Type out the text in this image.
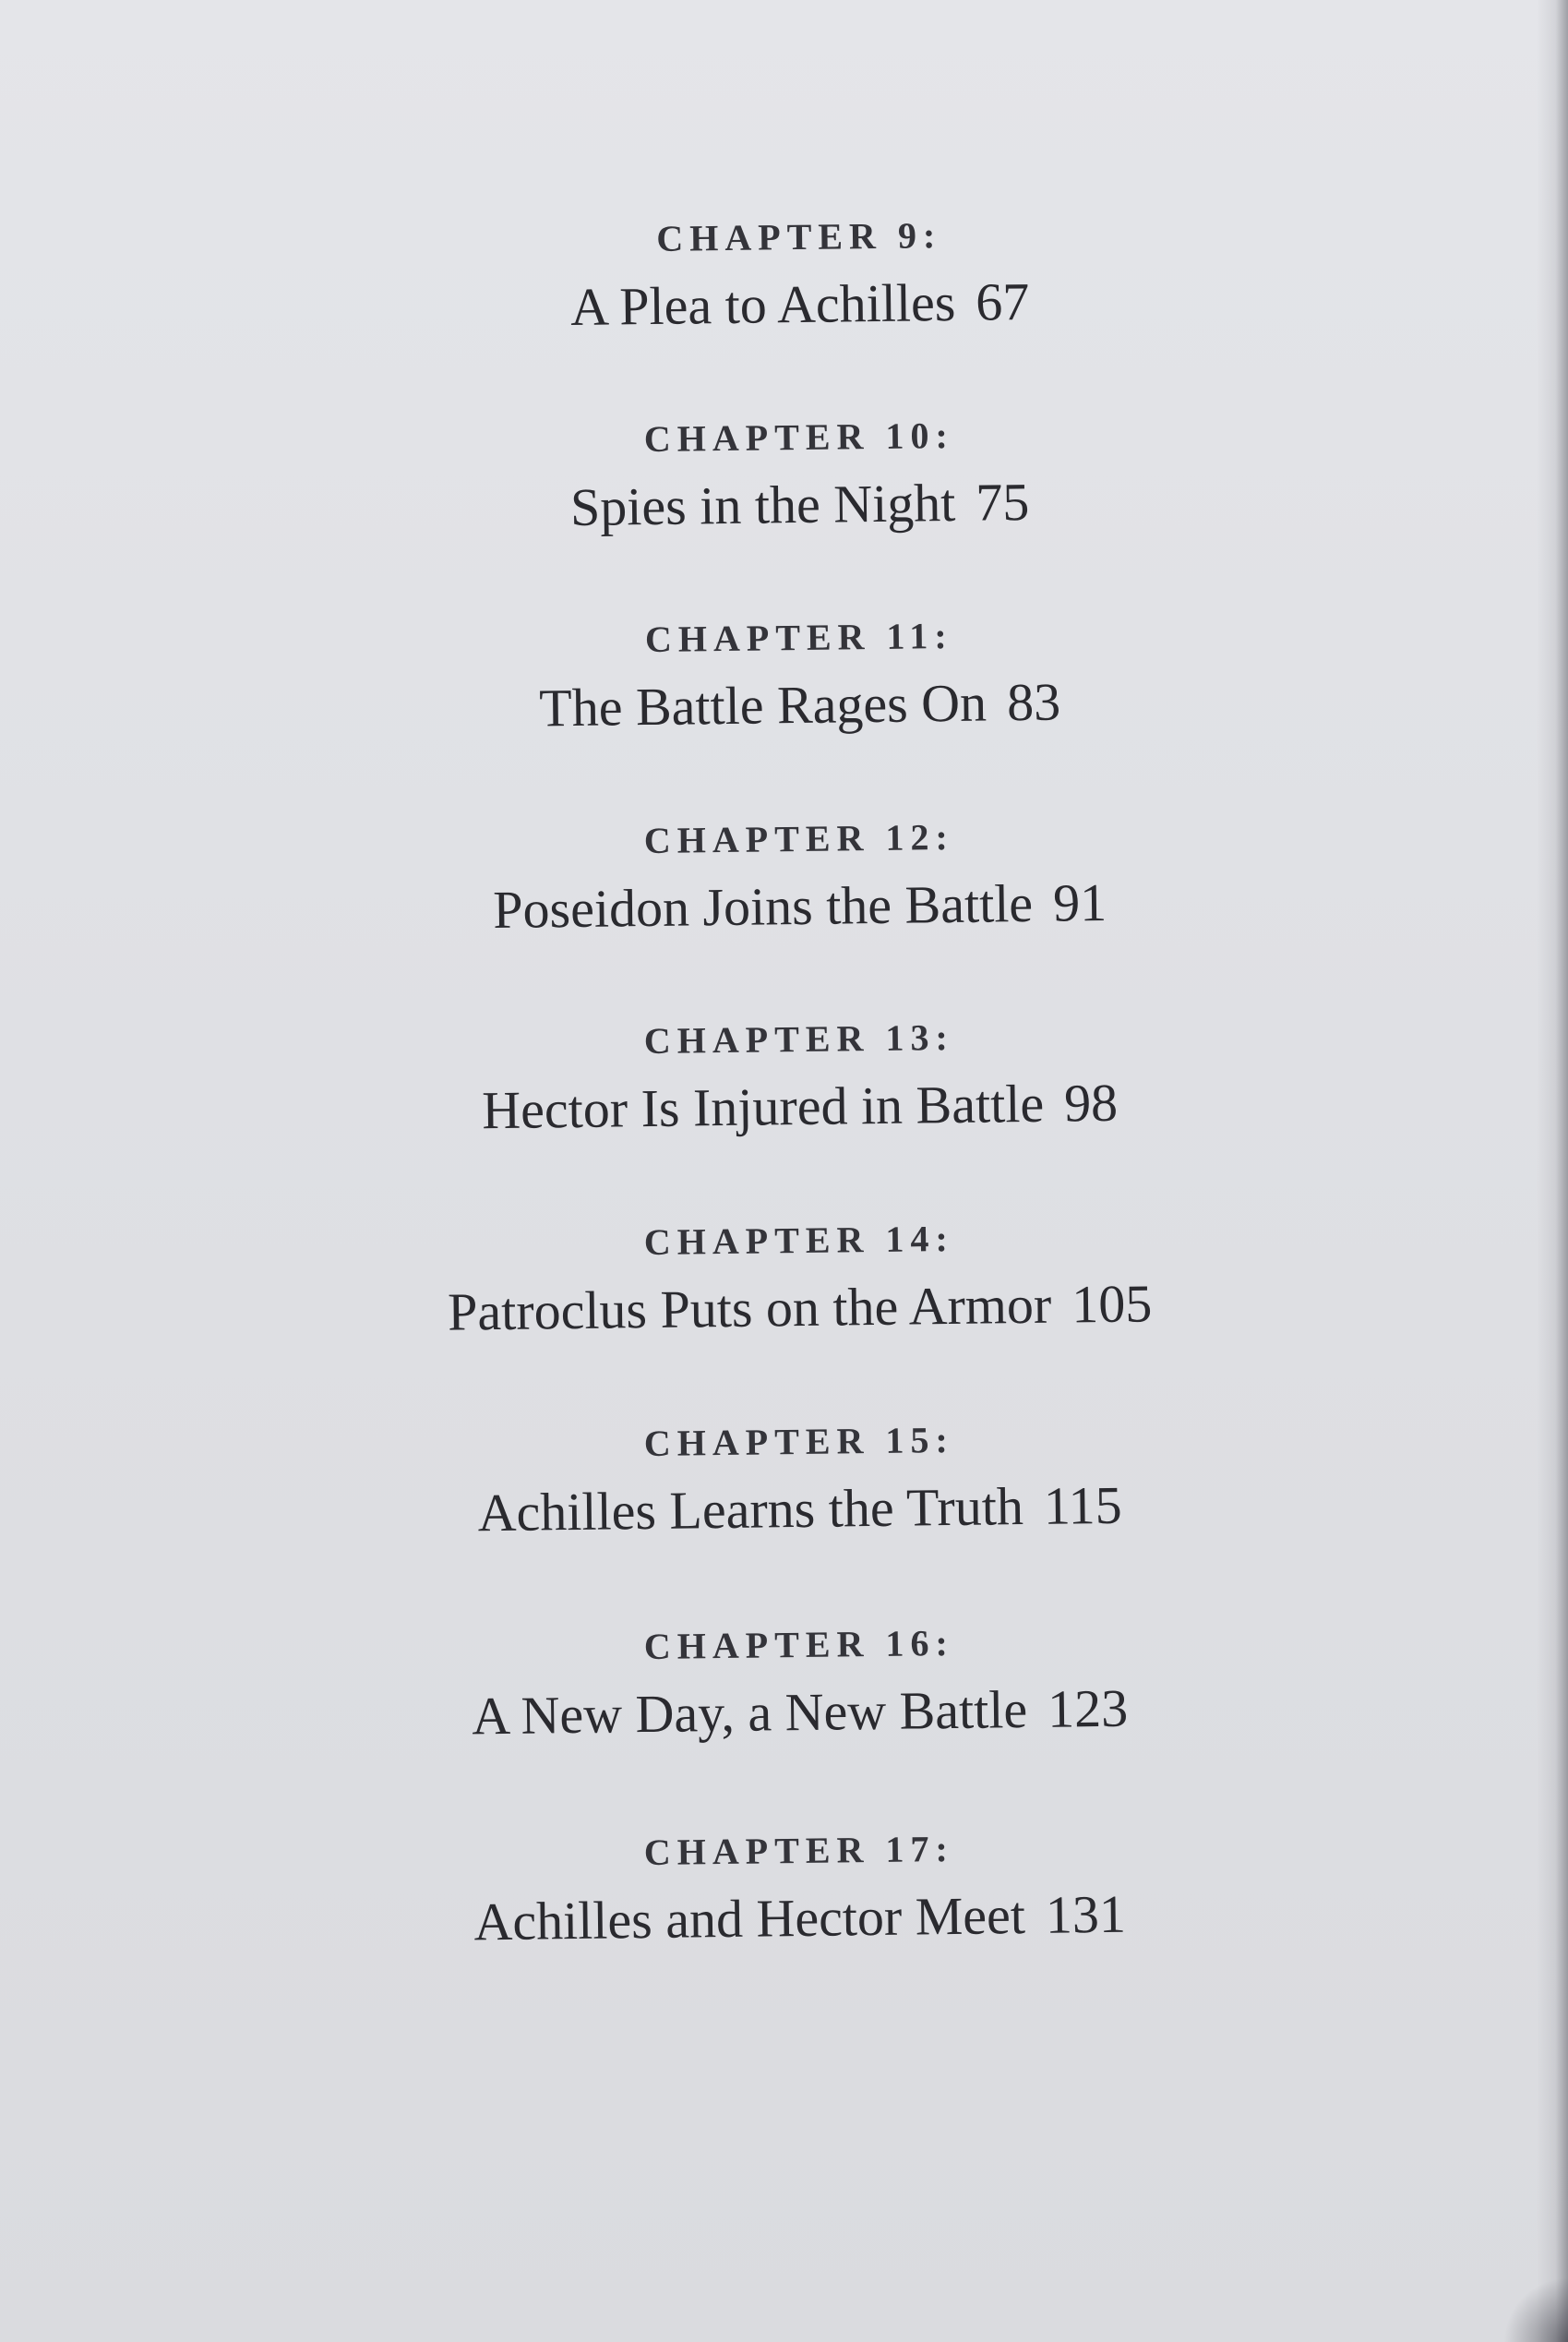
CHAPTER 9:
A Plea to Achilles 67
CHAPTER 10:
Spies in the Night 75
CHAPTER 11:
The Battle Rages On 83
CHAPTER 12:
Poseidon Joins the Battle 91
CHAPTER 13:
Hector Is Injured in Battle 98
CHAPTER 14:
Patroclus Puts on the Armor 105
CHAPTER 15:
Achilles Learns the Truth 115
CHAPTER 16:
A New Day, a New Battle 123
CHAPTER 17:
Achilles and Hector Meet 131
